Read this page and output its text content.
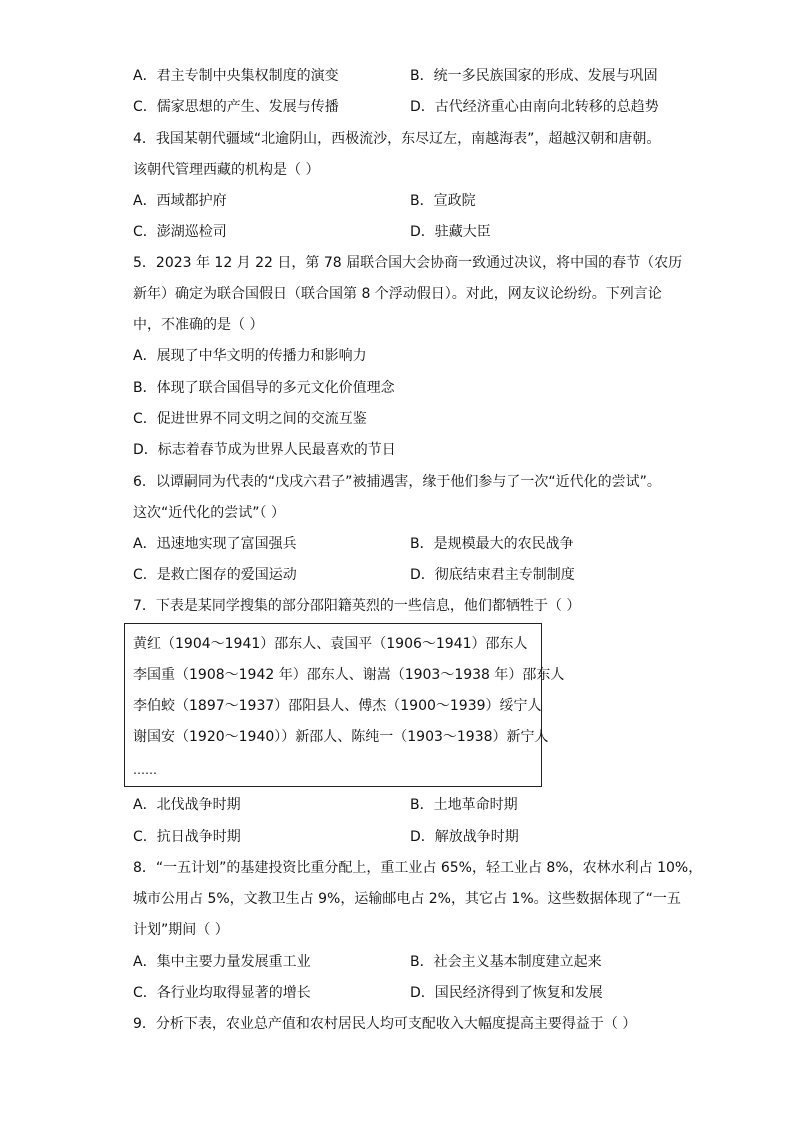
A．君主专制中央集权制度的演变	B．统一多民族国家的形成、发展与巩固
C．儒家思想的产生、发展与传播	D．古代经济重心由南向北转移的总趋势
4．我国某朝代疆域“北逾阴山，西极流沙，东尽辽左，南越海表”，超越汉朝和唐朝。
该朝代管理西藏的机构是（ ）
A．西域都护府	B．宣政院
C．澎湖巡检司	D．驻藏大臣
5．2023 年 12 月 22 日，第 78 届联合国大会协商一致通过决议，将中国的春节（农历
新年）确定为联合国假日（联合国第 8 个浮动假日）。对此，网友议论纷纷。下列言论
中，不准确的是（ ）
A．展现了中华文明的传播力和影响力
B．体现了联合国倡导的多元文化价值理念
C．促进世界不同文明之间的交流互鉴
D．标志着春节成为世界人民最喜欢的节日
6．以谭嗣同为代表的“戊戌六君子”被捕遇害，缘于他们参与了一次“近代化的尝试”。
这次“近代化的尝试”（ ）
A．迅速地实现了富国强兵	B．是规模最大的农民战争
C．是救亡图存的爱国运动	D．彻底结束君主专制制度
7．下表是某同学搜集的部分邵阳籍英烈的一些信息，他们都牺牲于（ ）
黄红（1904～1941）邵东人、袁国平（1906～1941）邵东人
李国重（1908～1942 年）邵东人、谢嵩（1903～1938 年）邵东人
李伯蛟（1897～1937）邵阳县人、傅杰（1900～1939）绥宁人
谢国安（1920～1940））新邵人、陈纯一（1903～1938）新宁人
……
A．北伐战争时期	B．土地革命时期
C．抗日战争时期	D．解放战争时期
8．“一五计划”的基建投资比重分配上，重工业占 65%，轻工业占 8%，农林水利占 10%，
城市公用占 5%，文教卫生占 9%，运输邮电占 2%，其它占 1%。这些数据体现了“一五
计划”期间（ ）
A．集中主要力量发展重工业	B．社会主义基本制度建立起来
C．各行业均取得显著的增长	D．国民经济得到了恢复和发展
9．分析下表，农业总产值和农村居民人均可支配收入大幅度提高主要得益于（ ）
